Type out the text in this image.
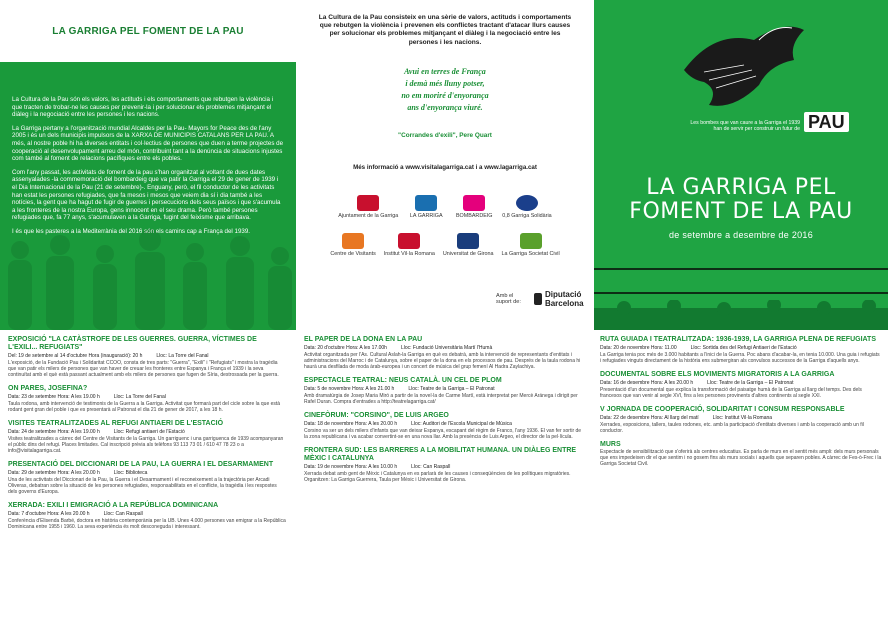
LA GARRIGA PEL FOMENT DE LA PAU

La Cultura de la Pau són els valors, les actituds i els comportaments que rebutgen la violència i que tracten de trobar-ne les causes per prevenir-la i per solucionar els problemes mitjançant el diàleg i la negociació entre les persones i les nacions.

La Garriga pertany a l'organització mundial Alcaldes per la Pau- Mayors for Peace des de l'any 2005 i és un dels municipis impulsors de la XARXA DE MUNICIPIS CATALANS PER LA PAU. A més, al nostre poble hi ha diverses entitats i col·lectius de persones que duen a terme projectes de cooperació al desenvolupament arreu del món, contribuint tant a la denúncia de situacions injustes com també al foment de relacions pacífiques entre els pobles.

Com l'any passat, les activitats de foment de la pau s'han organitzat al voltant de dues dates assenyalades -la commemoració del bombardeig que va patir la Garriga el 29 de gener de 1939 i el Dia Internacional de la Pau (21 de setembre)-. Enguany, però, el fil conductor de les activitats han estat les persones refugiades, que fa mesos i mesos que veiem dia sí i dia també a les notícies, la gent que ha hagut de fugir de guerres i persecucions dels seus països i que s'acumula a les fronteres de la nostra Europa, gens innocent en el seu drama. Però també persones refugiades que, fa 77 anys, s'acumulaven a la Garriga, fugint del feixisme que arribava.

I és que les pasteres a la Mediterrània del 2016 són els camins cap a França del 1939.

La Cultura de la Pau consisteix en una sèrie de valors, actituds i comportaments que rebutgen la violència i prevenen els conflictes tractant d'atacar llurs causes per solucionar els problemes mitjançant el diàleg i la negociació entre les persones i les nacions.
Avui en terres de França
i demà més lluny potser,
no em moriré d'enyorança
ans d'enyorança viuré.
"Corrandes d'exili", Pere Quart
Més informació a www.visitalagarriga.cat i a www.lagarriga.cat
Ajuntament de la Garriga LA GARRIGA BOMBARDEIG 0,8 Garriga Solidària
Centre de Visitants Institut Vil·la Romana Universitat de Girona La Garriga Societat Civil
Amb el suport de:
Diputació Barcelona
Les bombes que van caure a la Garriga el 1939 han de servir per construir un futur de PAU
LA GARRIGA PEL
FOMENT DE LA PAU
de setembre a desembre de 2016
EXPOSICIÓ "LA CATÀSTROFE DE LES GUERRES. GUERRA, VÍCTIMES DE L'EXILI... REFUGIATS"
Del: 19 de setembre al 14 d'octubre Hora (inauguració): 20 h	Lloc: La Torre del Fanal
L'exposició, de la Fundació Pau i Solidaritat CCOO, consta de tres parts: "Guerra", "Exili" i "Refugiats" i mostra la tragèdia que van patir els milers de persones que van haver de creuar les fronteres entre Espanya i França el 1939 i la seva continuïtat amb el què està passant actualment amb els milers de persones que fugen de Síria, destrossada per la guerra.
ON PARES, JOSEFINA?
Data: 23 de setembre Hora: A les 19.00 h	Lloc: La Torre del Fanal
Taula rodona, amb intervenció de testimonis de la Guerra a la Garriga. Activitat que formarà part del cicle sobre la que està rodant gent gran del poble i que es presentarà al Patronat el dia 21 de gener de 2017, a les 18 h.
VISITES TEATRALITZADES AL REFUGI ANTIAERI DE L'ESTACIÓ
Data: 24 de setembre Hora: A les 19.00 h	Lloc: Refugi antiaeri de l'Estació
Visites teatralitzades a càrrec del Centre de Visitants de la Garriga. Un garriguenc i una garriguenca de 1939 acompanyaran el públic dins del refugi. Places limitades. Cal inscripció prèvia als telèfons 93 113 73 01 / 610 47 78 23 o a info@visitalagarriga.cat.
PRESENTACIÓ DEL DICCIONARI DE LA PAU, LA GUERRA I EL DESARMAMENT
Data: 29 de setembre Hora: A les 20.00 h	Lloc: Biblioteca
Una de les activitats del Diccionari de la Pau, la Guerra i el Desarmament i el reconeixement a la trajectòria per Arcadi Oliveras, debatran sobre la situació de les persones refugiades, responsabilitats en el conflicte, la tragèdia i les respostes dels governs d'Europa.
XERRADA: EXILI I EMIGRACIÓ A LA REPÚBLICA DOMINICANA
Data: 7 d'octubre Hora: A les 20.00 h	Lloc: Can Raspall
Conferència d'Elisenda Barbé, doctora en història contemporània per la UB. Unes 4.000 persones van emigrar a la República Dominicana entre 1955 i 1960. La seva experiència és molt desconeguda i interessant.
EL PAPER DE LA DONA EN LA PAU
Data: 20 d'octubre Hora: A les 17.00h	Lloc: Fundació Universitària Martí l'Humà
Activitat organitzada per l'As. Cultural Aslah-la Garriga en què es debatrà, amb la intervenció de representants d'entitats i administracions del Marroc i de Catalunya, sobre el paper de la dona en els processos de pau. Després de la taula rodona hi haurà una desfilada de moda àrab-europea i un concert de música del grup femení Al Hadra Zaylachiya.
ESPECTACLE TEATRAL: NEUS CATALÀ. UN CEL DE PLOM
Data: 5 de novembre Hora: A les 21.00 h	Lloc: Teatre de la Garriga – El Patronat
Amb dramatúrgia de Josep Maria Miró a partir de la novel·la de Carme Martí, està interpretat per Mercè Aránega i dirigit per Rafel Duran. Compra d'entrades a http://teatrelagarriga.cat/
CINEFÒRUM: "CORSINO", DE LUIS ARGEO
Data: 18 de novembre Hora: A les 20.00 h	Lloc: Auditori de l'Escola Municipal de Música
Corsino va ser un dels milers d'infants que van deixar Espanya, escapant del règim de Franco, l'any 1936. El van fer sortir de la zona republicana i va acabar convertint-se en una nova llar. Amb la presència de Luis Argeo, el director de la pel·lícula.
FRONTERA SUD: LES BARRERES A LA MOBILITAT HUMANA. UN DIÀLEG ENTRE MÈXIC I CATALUNYA
Data: 19 de novembre Hora: A les 10.00 h	Lloc: Can Raspall
Xerrada debat amb gent de Mèxic i Catalunya en es parlarà de les causes i conseqüències de les polítiques migratòries. Organitzen: La Garriga Guerrera, Taula per Mèxic i Universitat de Girona.
RUTA GUIADA I TEATRALITZADA: 1936-1939, LA GARRIGA PLENA DE REFUGIATS
Data: 20 de novembre Hora: 11.00	Lloc: Sortida des del Refugi Antiaeri de l'Estació
La Garriga tenia poc més de 3.000 habitants a l'inici de la Guerra. Poc abans d'acabar-la, en tenia 10.000. Una guia i refugiats i refugiades vinguts directament de la història ens submergiran als convulsos successos de la Garriga d'aquells anys.
DOCUMENTAL SOBRE ELS MOVIMENTS MIGRATORIS A LA GARRIGA
Data: 16 de desembre Hora: A les 20.00 h	Lloc: Teatre de la Garriga – El Patronat
Presentació d'un documental que explica la transformació del paisatge humà de la Garriga al llarg del temps. Des dels francesos que van venir al segle XVI, fins a les persones provinents d'altres continents al segle XXI.
V JORNADA DE COOPERACIÓ, SOLIDARITAT I CONSUM RESPONSABLE
Data: 22 de desembre Hora: Al llarg del matí	Lloc: Institut Vil·la Romana
Xerrades, exposicions, tallers, taules rodones, etc. amb la participació d'entitats diverses i amb la cooperació amb un fil conductor.
MURS
Espectacle de sensibilització que s'oferirà als centres educatius. Es parla de murs en el sentit més ampli: dels murs personals que ens impedeixen dir el que sentim i no gosem fins als murs socials i aquells que separen pobles. A càrrec de Fes-ò-Frec i la Garriga Societat Civil.
